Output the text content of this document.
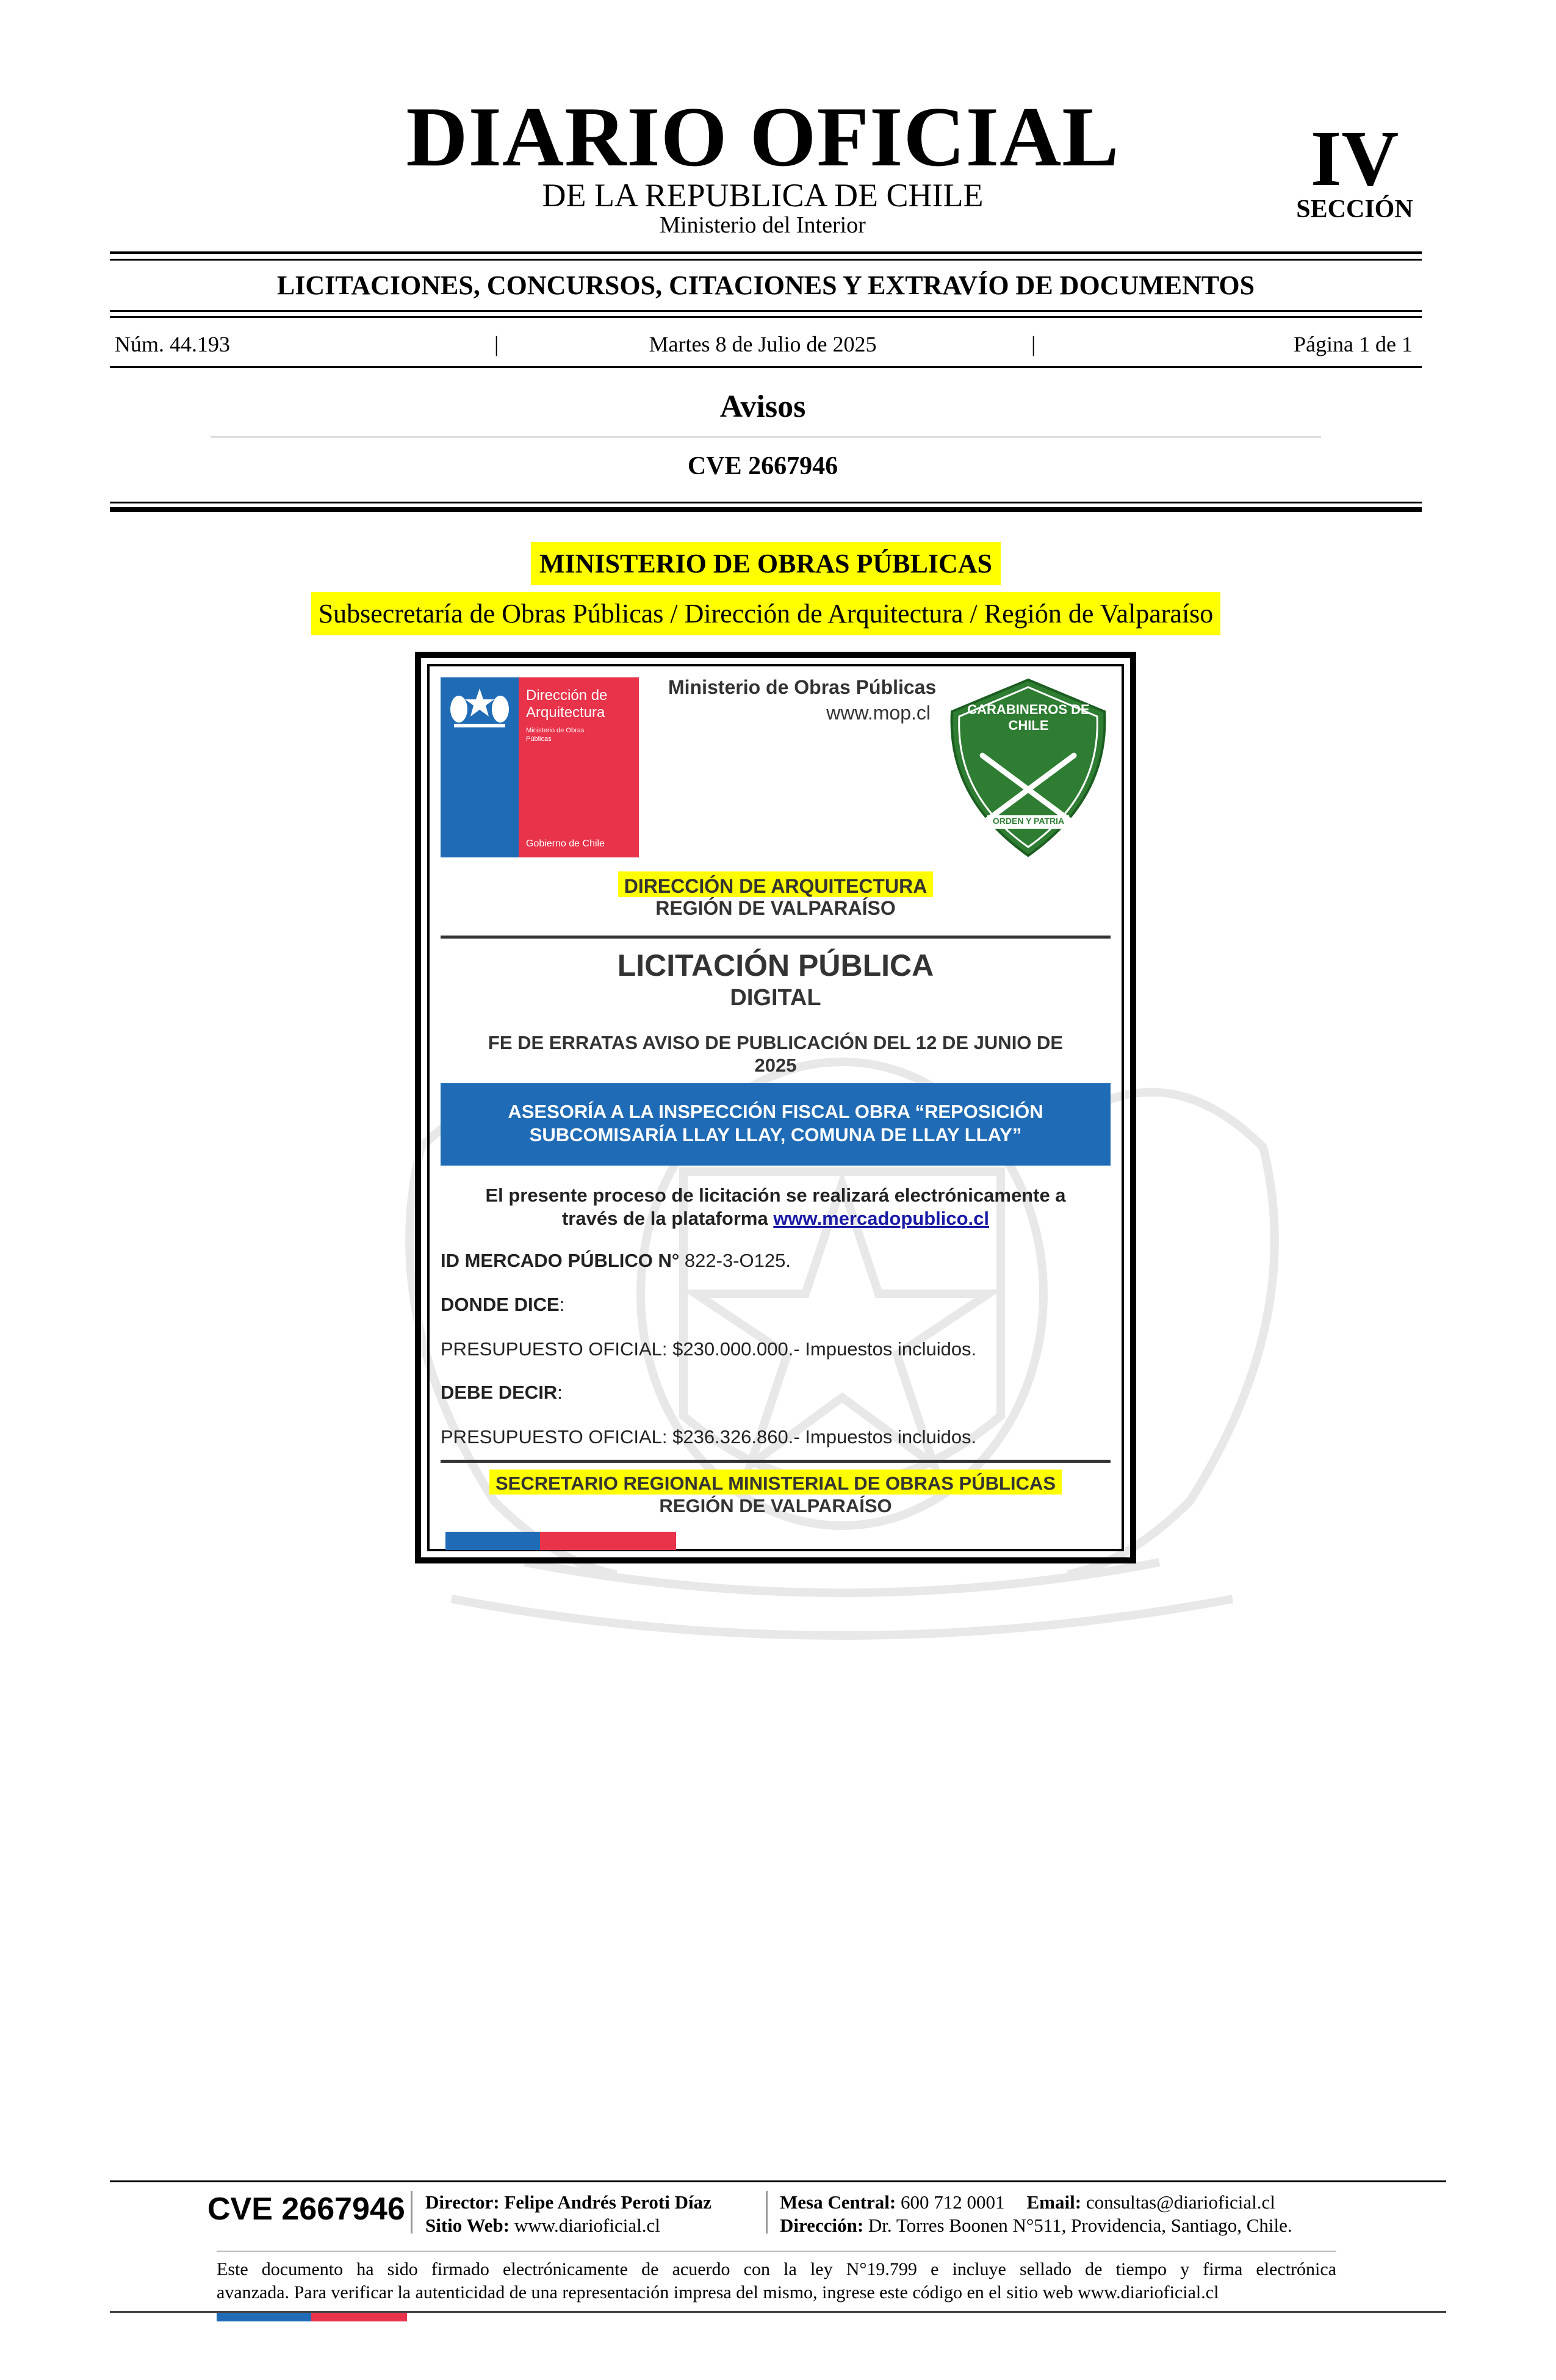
DIARIO OFICIAL
DE LA REPUBLICA DE CHILE
Ministerio del Interior
IV
SECCIÓN
LICITACIONES, CONCURSOS, CITACIONES Y EXTRAVÍO DE DOCUMENTOS
Núm. 44.193	|	Martes 8 de Julio de 2025	|	Página 1 de 1
Avisos
CVE 2667946
MINISTERIO DE OBRAS PÚBLICAS
Subsecretaría de Obras Públicas / Dirección de Arquitectura / Región de Valparaíso
Dirección de
Arquitectura
Ministerio de Obras
Públicas
Gobierno de Chile
Ministerio de Obras Públicas
www.mop.cl	CARABINEROS DE
CHILE
ORDEN Y PATRIA
DIRECCIÓN DE ARQUITECTURA
REGIÓN DE VALPARAÍSO
LICITACIÓN PÚBLICA
DIGITAL
FE DE ERRATAS AVISO DE PUBLICACIÓN DEL 12 DE JUNIO DE
2025
ASESORÍA A LA INSPECCIÓN FISCAL OBRA “REPOSICIÓN
SUBCOMISARÍA LLAY LLAY, COMUNA DE LLAY LLAY”
El presente proceso de licitación se realizará electrónicamente a
través de la plataforma www.mercadopublico.cl
ID MERCADO PÚBLICO N° 822-3-O125.
DONDE DICE:
PRESUPUESTO OFICIAL: $230.000.000.- Impuestos incluidos.
DEBE DECIR:
PRESUPUESTO OFICIAL: $236.326.860.- Impuestos incluidos.
SECRETARIO REGIONAL MINISTERIAL DE OBRAS PÚBLICAS
REGIÓN DE VALPARAÍSO
CVE 2667946 Director: Felipe Andrés Peroti Díaz
Sitio Web: www.diarioficial.cl
Mesa Central: 600 712 0001 Email: consultas@diarioficial.cl
Dirección: Dr. Torres Boonen N°511, Providencia, Santiago, Chile.
Este documento ha sido firmado electrónicamente de acuerdo con la ley N°19.799 e incluye sellado de tiempo y firma electrónica
avanzada. Para verificar la autenticidad de una representación impresa del mismo, ingrese este código en el sitio web www.diarioficial.cl
